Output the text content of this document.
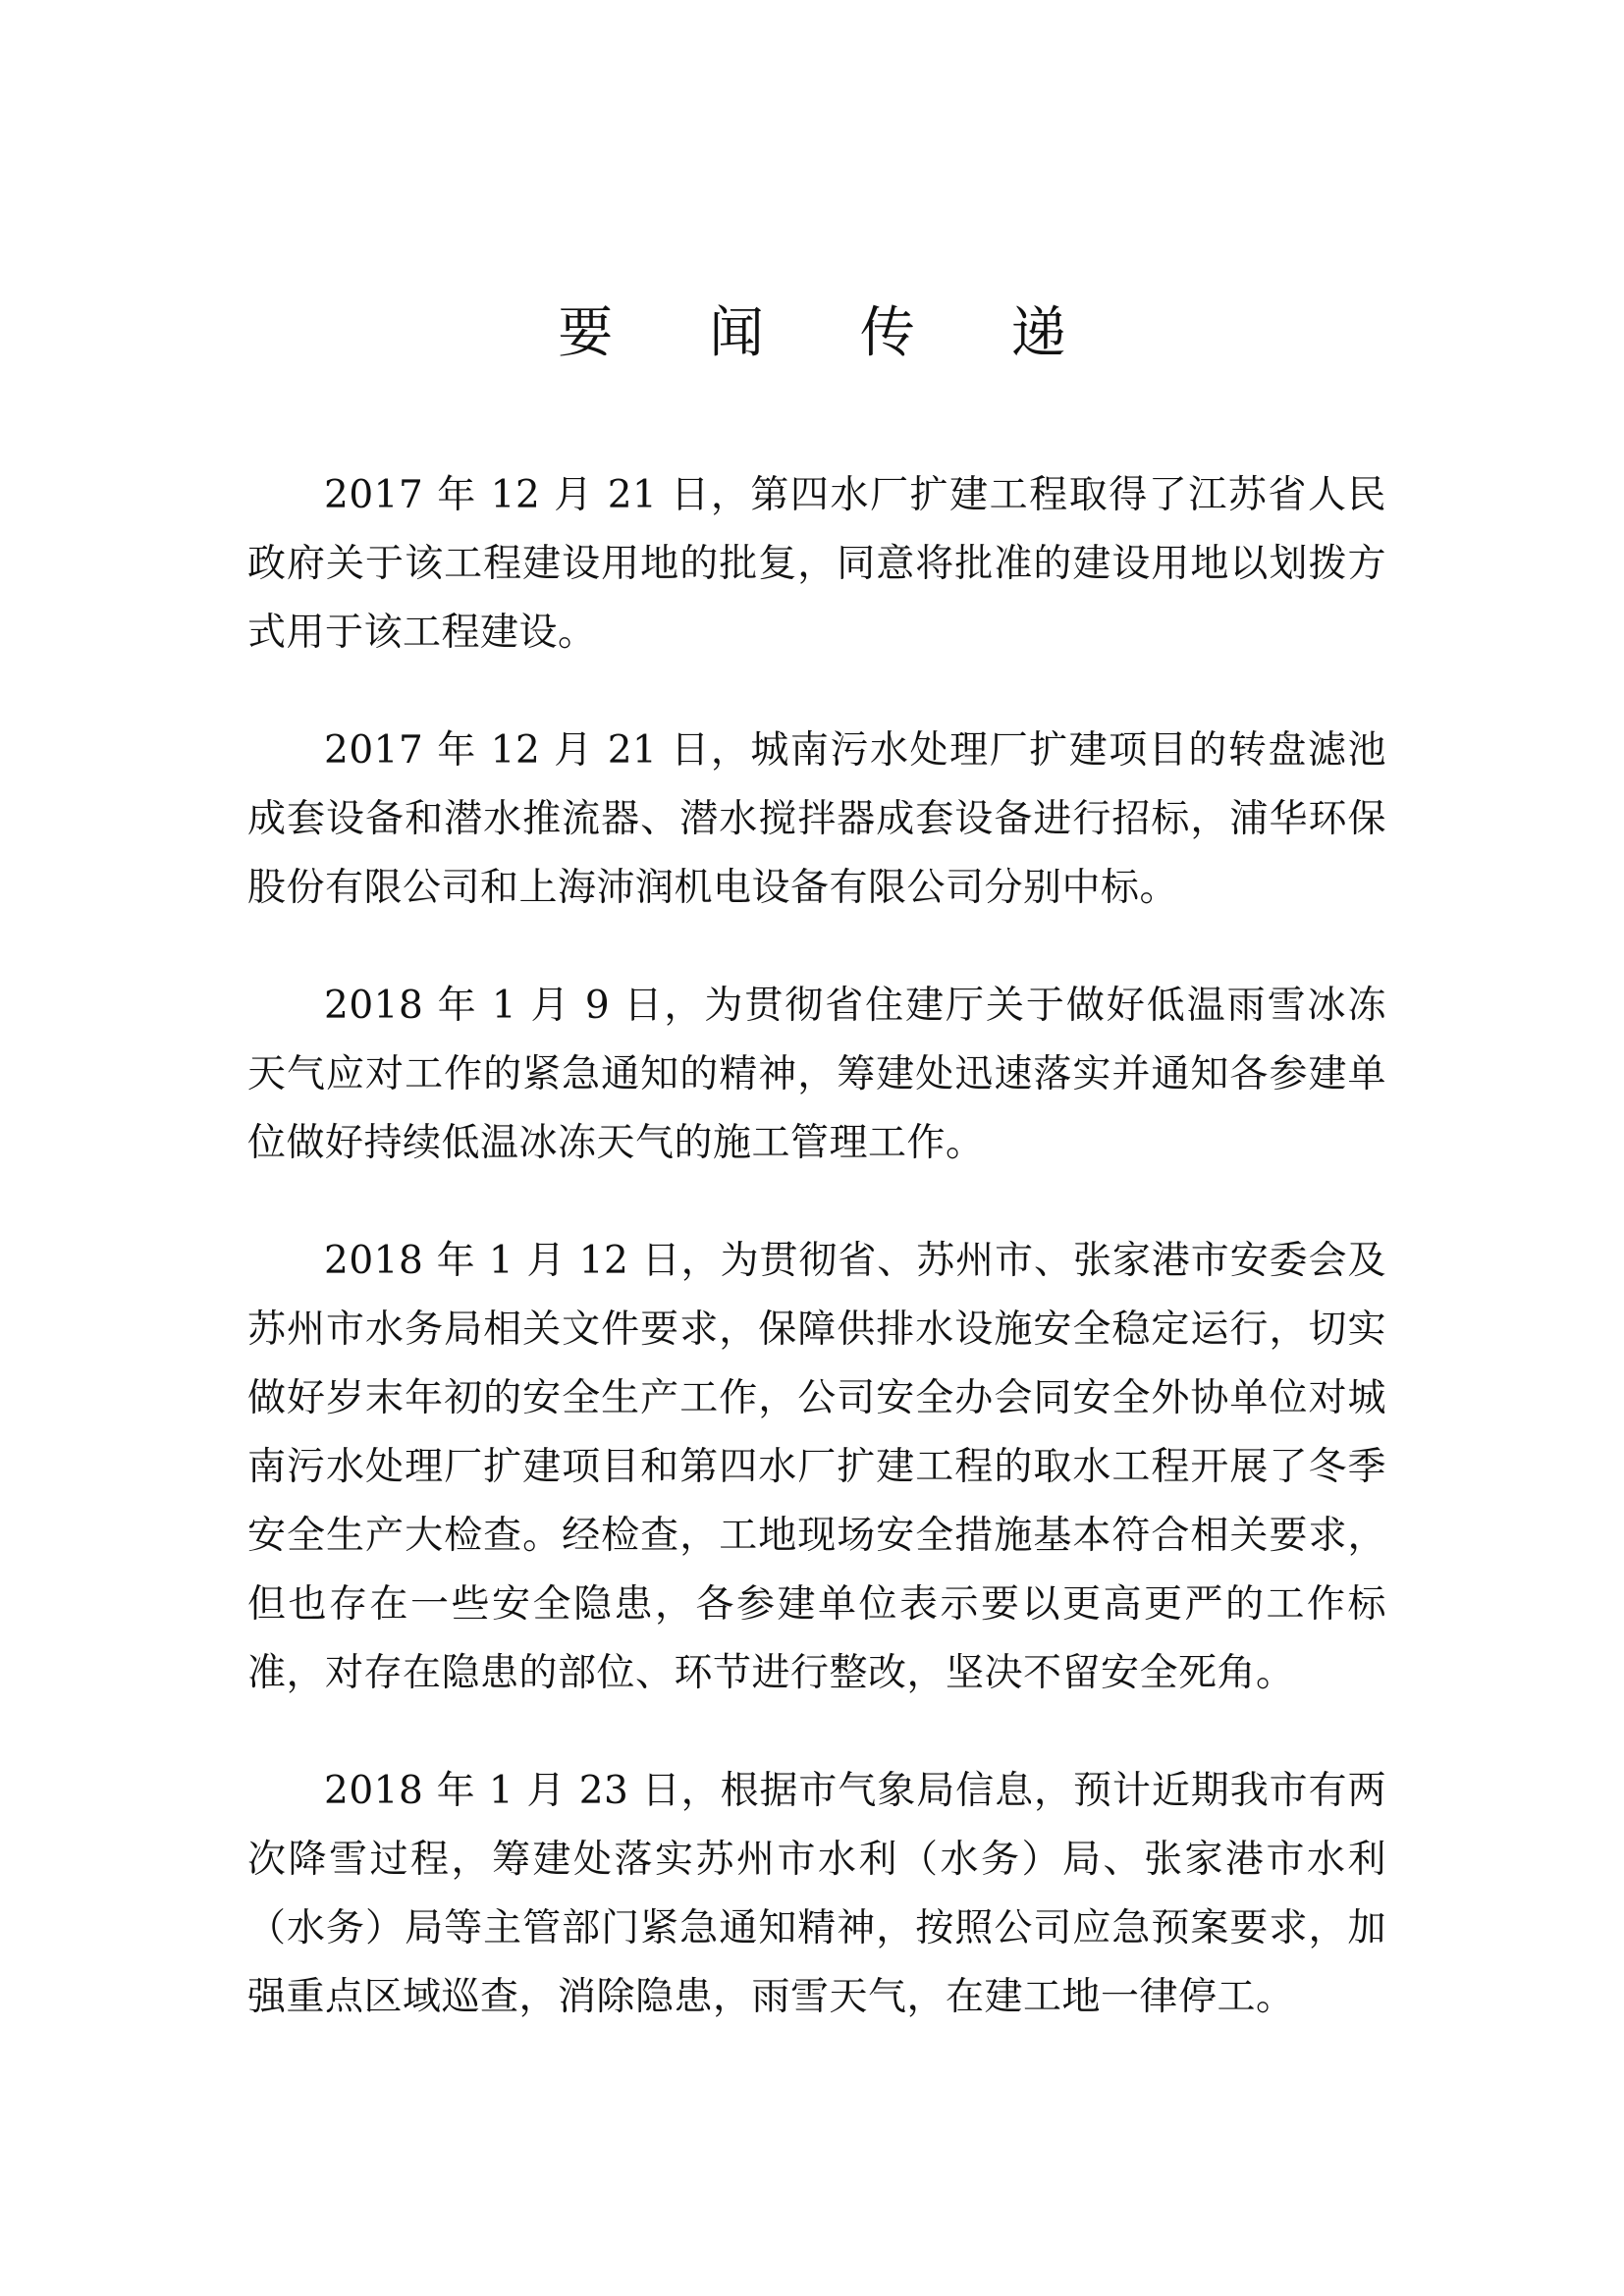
要 闻 传 递

2017 年 12 月 21 日，第四水厂扩建工程取得了江苏省人民政府关于该工程建设用地的批复，同意将批准的建设用地以划拨方式用于该工程建设。

2017 年 12 月 21 日，城南污水处理厂扩建项目的转盘滤池成套设备和潜水推流器、潜水搅拌器成套设备进行招标，浦华环保股份有限公司和上海沛润机电设备有限公司分别中标。

2018 年 1 月 9 日，为贯彻省住建厅关于做好低温雨雪冰冻天气应对工作的紧急通知的精神，筹建处迅速落实并通知各参建单位做好持续低温冰冻天气的施工管理工作。

2018 年 1 月 12 日，为贯彻省、苏州市、张家港市安委会及苏州市水务局相关文件要求，保障供排水设施安全稳定运行，切实做好岁末年初的安全生产工作，公司安全办会同安全外协单位对城南污水处理厂扩建项目和第四水厂扩建工程的取水工程开展了冬季安全生产大检查。经检查，工地现场安全措施基本符合相关要求，但也存在一些安全隐患，各参建单位表示要以更高更严的工作标准，对存在隐患的部位、环节进行整改，坚决不留安全死角。

2018 年 1 月 23 日，根据市气象局信息，预计近期我市有两次降雪过程，筹建处落实苏州市水利（水务）局、张家港市水利（水务）局等主管部门紧急通知精神，按照公司应急预案要求，加强重点区域巡查，消除隐患，雨雪天气，在建工地一律停工。
